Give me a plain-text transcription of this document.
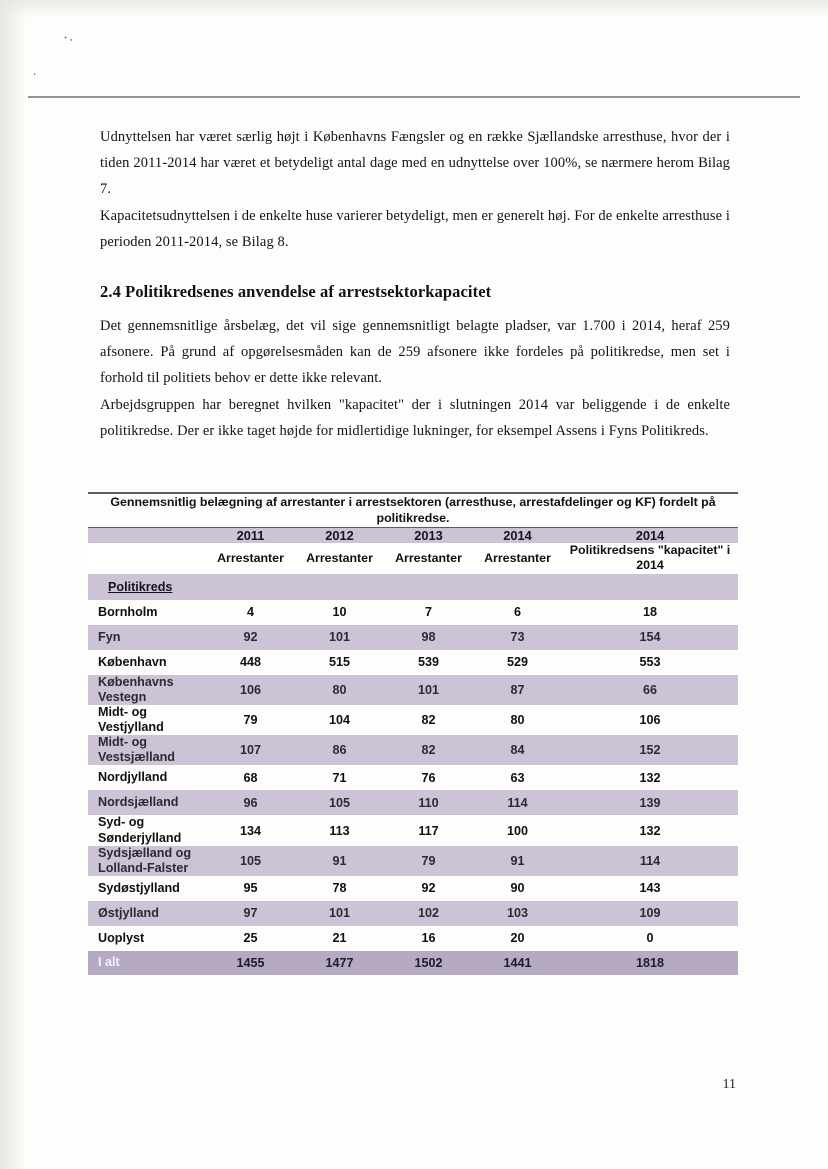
٠.
.

Udnyttelsen har været særlig højt i Københavns Fængsler og en række Sjællandske arresthuse, hvor der i tiden 2011-2014 har været et betydeligt antal dage med en udnyttelse over 100%, se nærmere herom Bilag 7.

Kapacitetsudnyttelsen i de enkelte huse varierer betydeligt, men er generelt høj. For de enkelte arresthuse i perioden 2011-2014, se Bilag 8.

2.4 Politikredsenes anvendelse af arrestsektorkapacitet

Det gennemsnitlige årsbelæg, det vil sige gennemsnitligt belagte pladser, var 1.700 i 2014, heraf 259 afsonere. På grund af opgørelsesmåden kan de 259 afsonere ikke fordeles på politikredse, men set i forhold til politiets behov er dette ikke relevant.

Arbejdsgruppen har beregnet hvilken "kapacitet" der i slutningen 2014 var beliggende i de enkelte politikredse. Der er ikke taget højde for midlertidige lukninger, for eksempel Assens i Fyns Politikreds.

Gennemsnitlig belægning af arrestanter i arrestsektoren (arresthuse, arrestafdelinger og KF) fordelt på politikredse.					
	2011	2012	2013	2014	2014
	Arrestanter	Arrestanter	Arrestanter	Arrestanter	Politikredsens "kapacitet" i 2014
Politikreds					
Bornholm	4	10	7	6	18
Fyn	92	101	98	73	154
København	448	515	539	529	553
Københavns Vestegn	106	80	101	87	66
Midt- og Vestjylland	79	104	82	80	106
Midt- og Vestsjælland	107	86	82	84	152
Nordjylland	68	71	76	63	132
Nordsjælland	96	105	110	114	139
Syd- og Sønderjylland	134	113	117	100	132
Sydsjælland og Lolland-Falster	105	91	79	91	114
Sydøstjylland	95	78	92	90	143
Østjylland	97	101	102	103	109
Uoplyst	25	21	16	20	0
I alt	1455	1477	1502	1441	1818
11
